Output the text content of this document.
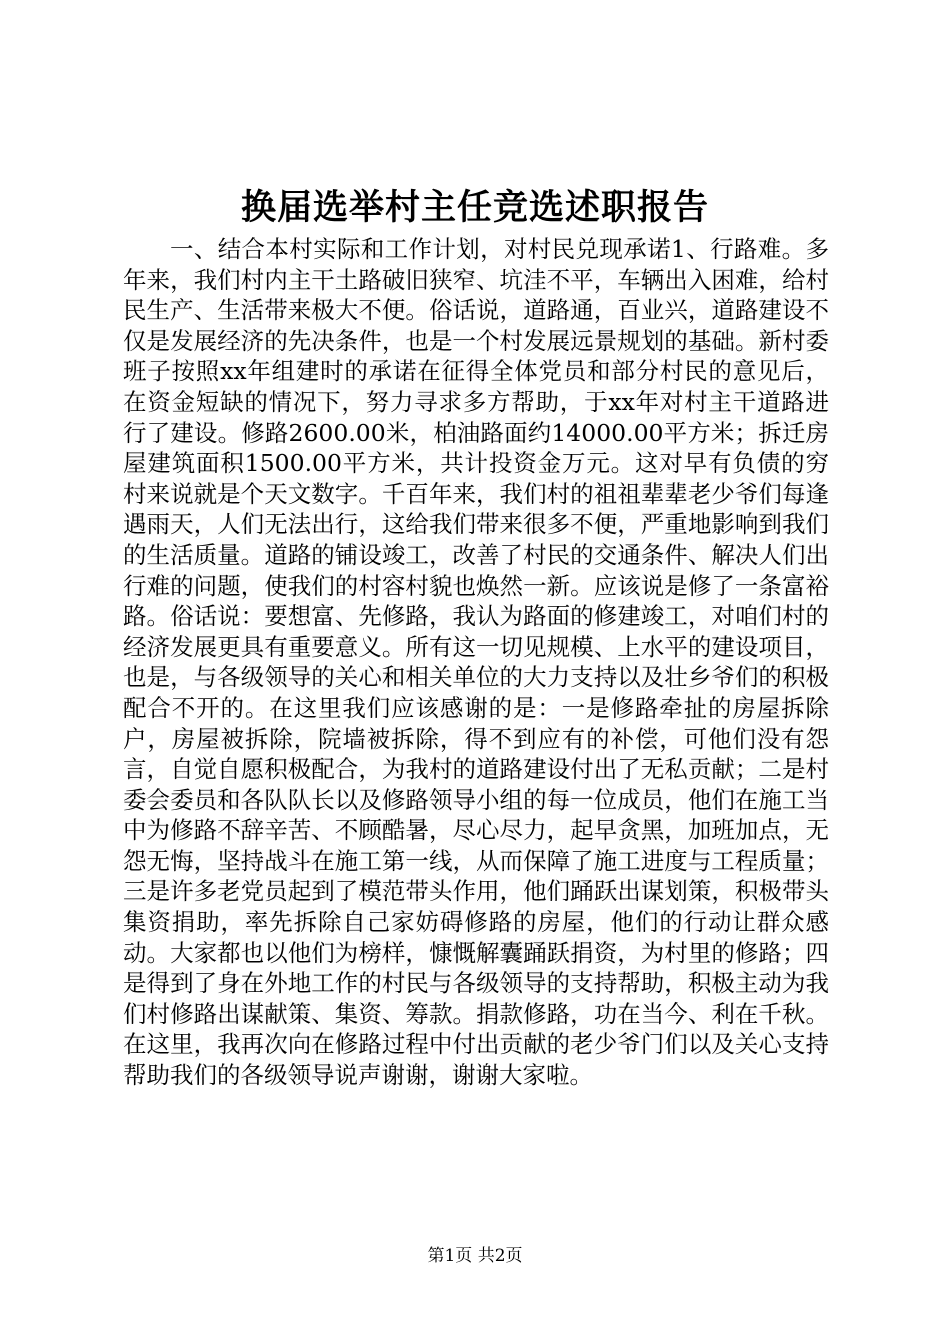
换届选举村主任竞选述职报告

一、结合本村实际和工作计划，对村民兑现承诺1、行路难。多年来，我们村内主干土路破旧狭窄、坑洼不平，车辆出入困难，给村民生产、生活带来极大不便。俗话说，道路通，百业兴，道路建设不仅是发展经济的先决条件，也是一个村发展远景规划的基础。新村委班子按照xx年组建时的承诺在征得全体党员和部分村民的意见后，在资金短缺的情况下，努力寻求多方帮助，于xx年对村主干道路进行了建设。修路2600.00米，柏油路面约14000.00平方米；拆迁房屋建筑面积1500.00平方米，共计投资金万元。这对早有负债的穷村来说就是个天文数字。千百年来，我们村的祖祖辈辈老少爷们每逢遇雨天，人们无法出行，这给我们带来很多不便，严重地影响到我们的生活质量。道路的铺设竣工，改善了村民的交通条件、解决人们出行难的问题，使我们的村容村貌也焕然一新。应该说是修了一条富裕路。俗话说：要想富、先修路，我认为路面的修建竣工，对咱们村的经济发展更具有重要意义。所有这一切见规模、上水平的建设项目，也是，与各级领导的关心和相关单位的大力支持以及壮乡爷们的积极配合不开的。在这里我们应该感谢的是：一是修路牵扯的房屋拆除户，房屋被拆除，院墙被拆除，得不到应有的补偿，可他们没有怨言，自觉自愿积极配合，为我村的道路建设付出了无私贡献；二是村委会委员和各队队长以及修路领导小组的每一位成员，他们在施工当中为修路不辞辛苦、不顾酷暑，尽心尽力，起早贪黑，加班加点，无怨无悔，坚持战斗在施工第一线，从而保障了施工进度与工程质量；三是许多老党员起到了模范带头作用，他们踊跃出谋划策，积极带头集资捐助，率先拆除自己家妨碍修路的房屋，他们的行动让群众感动。大家都也以他们为榜样，慷慨解囊踊跃捐资，为村里的修路；四是得到了身在外地工作的村民与各级领导的支持帮助，积极主动为我们村修路出谋献策、集资、筹款。捐款修路，功在当今、利在千秋。在这里，我再次向在修路过程中付出贡献的老少爷门们以及关心支持帮助我们的各级领导说声谢谢，谢谢大家啦。

第1页 共2页
